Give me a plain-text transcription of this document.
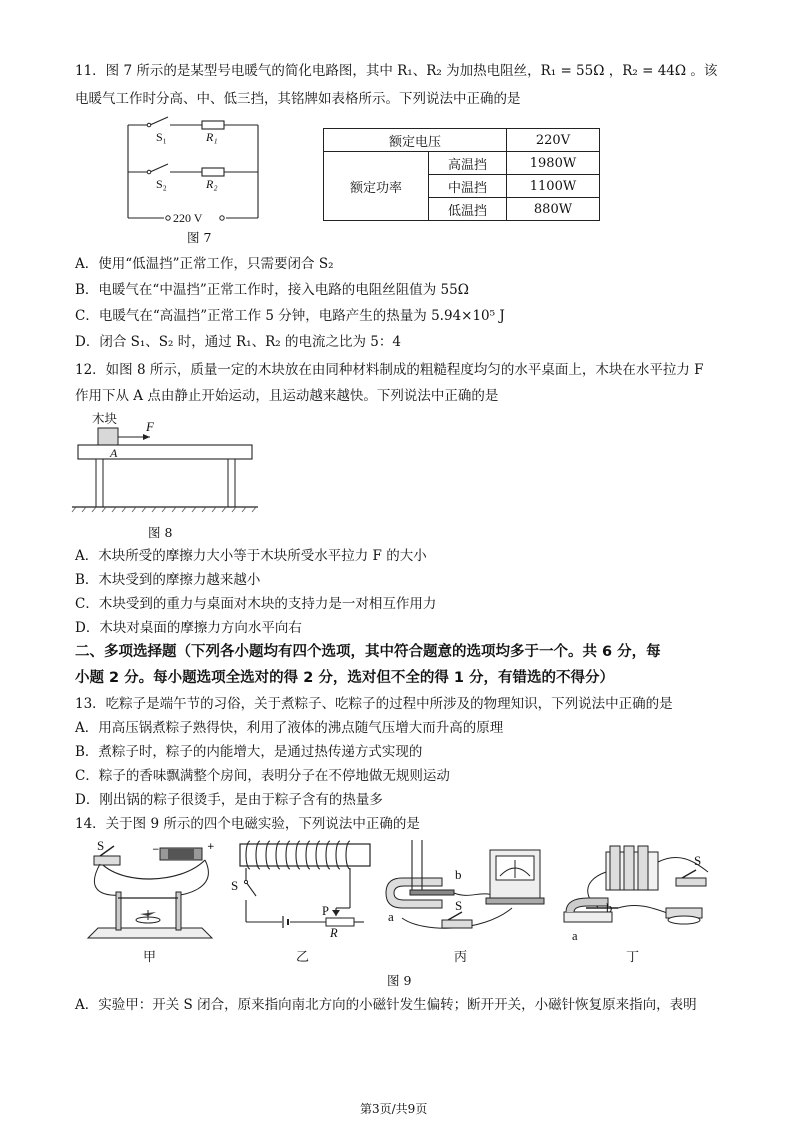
11．图 7 所示的是某型号电暖气的简化电路图，其中 R₁、R₂ 为加热电阻丝，R₁ = 55Ω ，R₂ = 44Ω 。该
电暖气工作时分高、中、低三挡，其铭牌如表格所示。下列说法中正确的是
S₁	R₁
S₂	R₂
220 V
图 7
额定电压		220V
额定功率	高温挡	1980W
	中温挡	1100W
	低温挡	880W
A．使用“低温挡”正常工作，只需要闭合 S₂
B．电暖气在“中温挡”正常工作时，接入电路的电阻丝阻值为 55Ω
C．电暖气在“高温挡”正常工作 5 分钟，电路产生的热量为 5.94×10⁵ J
D．闭合 S₁、S₂ 时，通过 R₁、R₂ 的电流之比为 5：4
12．如图 8 所示，质量一定的木块放在由同种材料制成的粗糙程度均匀的水平桌面上，木块在水平拉力 F
作用下从 A 点由静止开始运动，且运动越来越快。下列说法中正确的是
木块
F
A
图 8
A．木块所受的摩擦力大小等于木块所受水平拉力 F 的大小
B．木块受到的摩擦力越来越小
C．木块受到的重力与桌面对木块的支持力是一对相互作用力
D．木块对桌面的摩擦力方向水平向右
二、多项选择题（下列各小题均有四个选项，其中符合题意的选项均多于一个。共 6 分，每
小题 2 分。每小题选项全选对的得 2 分，选对但不全的得 1 分，有错选的不得分）
13．吃粽子是端午节的习俗，关于煮粽子、吃粽子的过程中所涉及的物理知识，下列说法中正确的是
A．用高压锅煮粽子熟得快，利用了液体的沸点随气压增大而升高的原理
B．煮粽子时，粽子的内能增大，是通过热传递方式实现的
C．粽子的香味飘满整个房间，表明分子在不停地做无规则运动
D．刚出锅的粽子很烫手，是由于粽子含有的热量多
14．关于图 9 所示的四个电磁实验，下列说法中正确的是
+
−
S
甲
S
P
R
乙
b
a
S
丙
S
b
a
丁
图 9
A．实验甲：开关 S 闭合，原来指向南北方向的小磁针发生偏转；断开开关，小磁针恢复原来指向，表明
第3页/共9页
